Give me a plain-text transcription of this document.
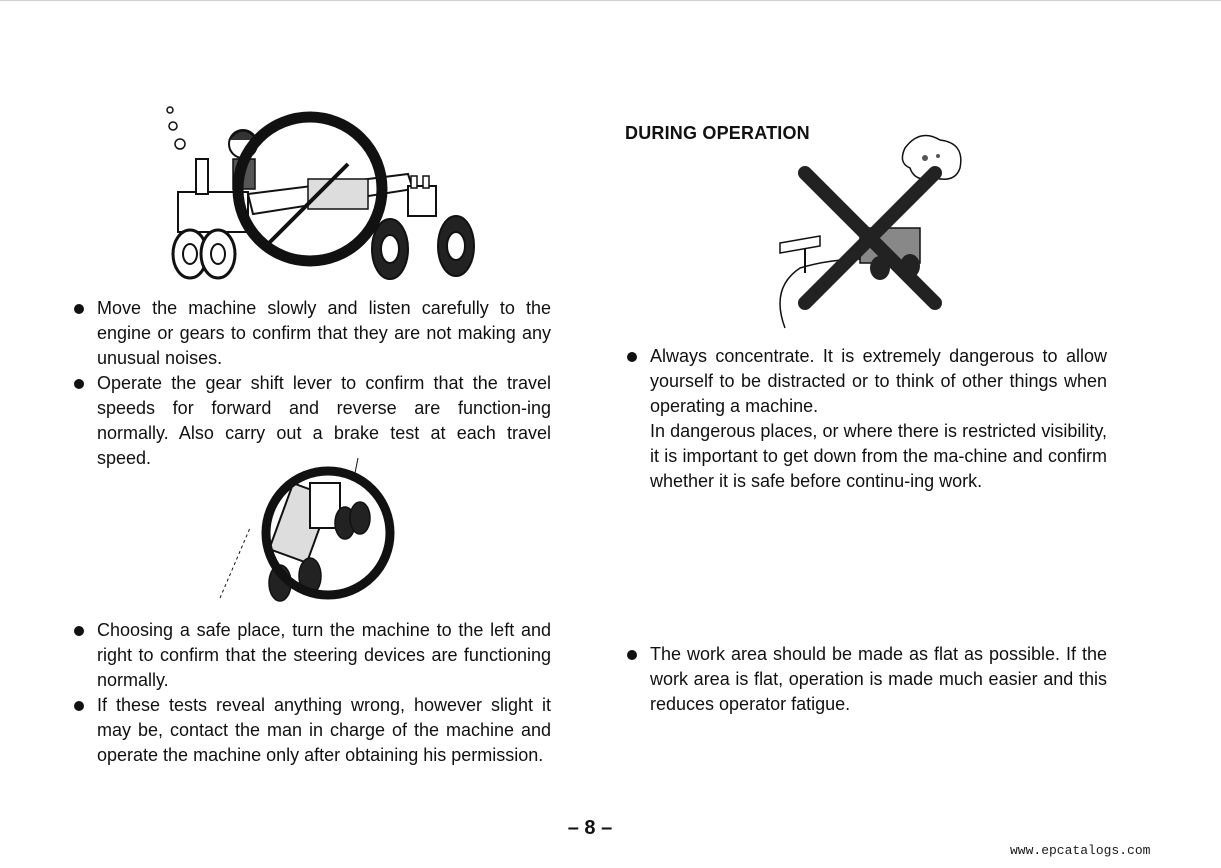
Move the machine slowly and listen carefully to the engine or gears to confirm that they are not making any unusual noises.

Operate the gear shift lever to confirm that the travel speeds for forward and reverse are function-ing normally. Also carry out a brake test at each travel speed.

Choosing a safe place, turn the machine to the left and right to confirm that the steering devices are functioning normally.

If these tests reveal anything wrong, however slight it may be, contact the man in charge of the machine and operate the machine only after obtaining his permission.

DURING OPERATION

Always concentrate. It is extremely dangerous to allow yourself to be distracted or to think of other things when operating a machine.

In dangerous places, or where there is restricted visibility, it is important to get down from the ma-chine and confirm whether it is safe before continu-ing work.

The work area should be made as flat as possible. If the work area is flat, operation is made much easier and this reduces operator fatigue.

– 8 –
www.epcatalogs.com
